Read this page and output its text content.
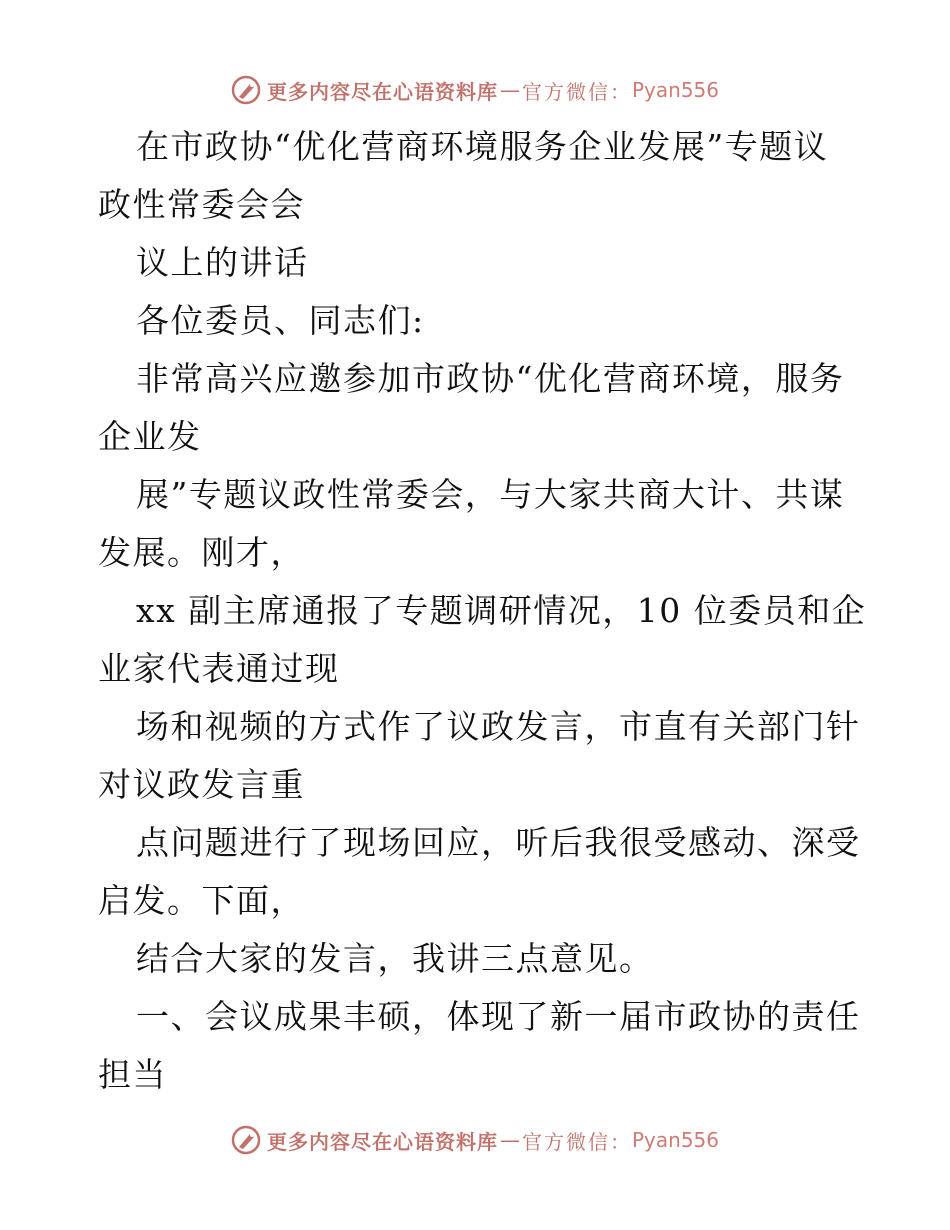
更多内容尽在心语资料库 — 官方微信： Pyan556
在市政协“优化营商环境服务企业发展”专题议
政性常委会会
议上的讲话
各位委员、同志们:
非常高兴应邀参加市政协“优化营商环境，服务
企业发
展”专题议政性常委会，与大家共商大计、共谋
发展。刚才，
xx 副主席通报了专题调研情况，10 位委员和企
业家代表通过现
场和视频的方式作了议政发言，市直有关部门针
对议政发言重
点问题进行了现场回应，听后我很受感动、深受
启发。下面，
结合大家的发言，我讲三点意见。
一、会议成果丰硕，体现了新一届市政协的责任
担当
更多内容尽在心语资料库 — 官方微信： Pyan556
